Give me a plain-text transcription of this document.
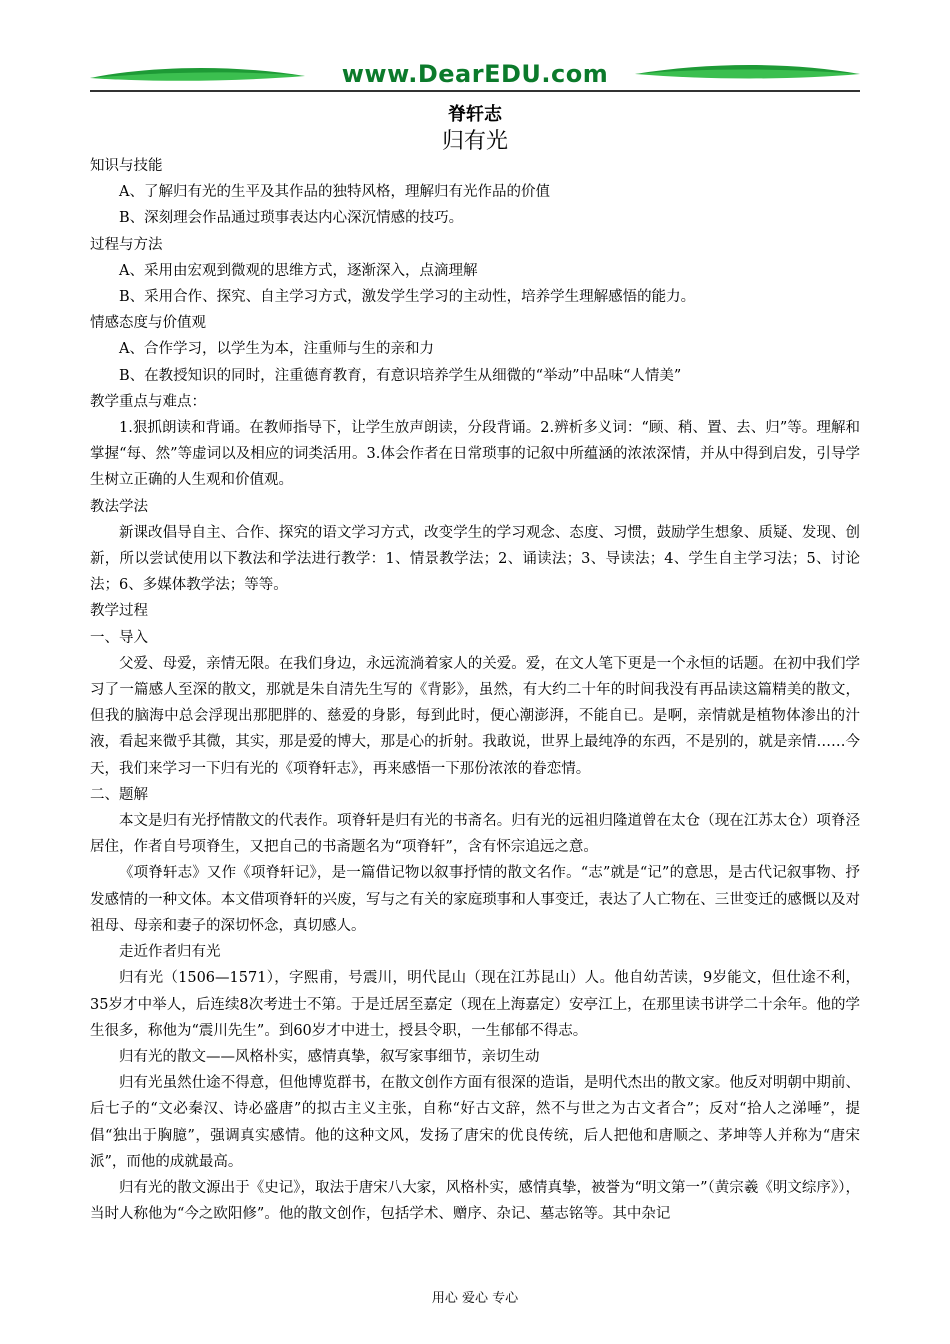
www.DearEDU.com
脊轩志
归有光

知识与技能

A、了解归有光的生平及其作品的独特风格，理解归有光作品的价值

B、深刻理会作品通过琐事表达内心深沉情感的技巧。

过程与方法

A、采用由宏观到微观的思维方式，逐渐深入，点滴理解

B、采用合作、探究、自主学习方式，激发学生学习的主动性，培养学生理解感悟的能力。

情感态度与价值观

A、合作学习，以学生为本，注重师与生的亲和力

B、在教授知识的同时，注重德育教育，有意识培养学生从细微的“举动”中品味“人情美”

教学重点与难点：

1.狠抓朗读和背诵。在教师指导下，让学生放声朗读，分段背诵。2.辨析多义词：“顾、稍、置、去、归”等。理解和掌握“每、然”等虚词以及相应的词类活用。3.体会作者在日常琐事的记叙中所蕴涵的浓浓深情，并从中得到启发，引导学生树立正确的人生观和价值观。

教法学法

新课改倡导自主、合作、探究的语文学习方式，改变学生的学习观念、态度、习惯，鼓励学生想象、质疑、发现、创新，所以尝试使用以下教法和学法进行教学：1、情景教学法；2、诵读法；3、导读法；4、学生自主学习法；5、讨论法；6、多媒体教学法；等等。

教学过程

一、导入

父爱、母爱，亲情无限。在我们身边，永远流淌着家人的关爱。爱，在文人笔下更是一个永恒的话题。在初中我们学习了一篇感人至深的散文，那就是朱自清先生写的《背影》，虽然，有大约二十年的时间我没有再品读这篇精美的散文，但我的脑海中总会浮现出那肥胖的、慈爱的身影，每到此时，便心潮澎湃，不能自已。是啊，亲情就是植物体渗出的汁液，看起来微乎其微，其实，那是爱的博大，那是心的折射。我敢说，世界上最纯净的东西，不是别的，就是亲情……今天，我们来学习一下归有光的《项脊轩志》，再来感悟一下那份浓浓的眷恋情。

二、题解

本文是归有光抒情散文的代表作。项脊轩是归有光的书斋名。归有光的远祖归隆道曾在太仓（现在江苏太仓）项脊泾居住，作者自号项脊生，又把自己的书斋题名为“项脊轩”，含有怀宗追远之意。

《项脊轩志》又作《项脊轩记》，是一篇借记物以叙事抒情的散文名作。“志”就是“记”的意思，是古代记叙事物、抒发感情的一种文体。本文借项脊轩的兴废，写与之有关的家庭琐事和人事变迁，表达了人亡物在、三世变迁的感慨以及对祖母、母亲和妻子的深切怀念，真切感人。

走近作者归有光

归有光（1506—1571），字熙甫，号震川，明代昆山（现在江苏昆山）人。他自幼苦读，9岁能文，但仕途不利，35岁才中举人，后连续8次考进士不第。于是迁居至嘉定（现在上海嘉定）安亭江上，在那里读书讲学二十余年。他的学生很多，称他为“震川先生”。到60岁才中进士，授县令职，一生郁郁不得志。

归有光的散文——风格朴实，感情真挚，叙写家事细节，亲切生动

归有光虽然仕途不得意，但他博览群书，在散文创作方面有很深的造诣，是明代杰出的散文家。他反对明朝中期前、后七子的“文必秦汉、诗必盛唐”的拟古主义主张，自称“好古文辞，然不与世之为古文者合”；反对“拾人之涕唾”，提倡“独出于胸臆”，强调真实感情。他的这种文风，发扬了唐宋的优良传统，后人把他和唐顺之、茅坤等人并称为“唐宋派”，而他的成就最高。

归有光的散文源出于《史记》，取法于唐宋八大家，风格朴实，感情真挚，被誉为“明文第一”（黄宗羲《明文综序》），当时人称他为“今之欧阳修”。他的散文创作，包括学术、赠序、杂记、墓志铭等。其中杂记

用心 爱心 专心
